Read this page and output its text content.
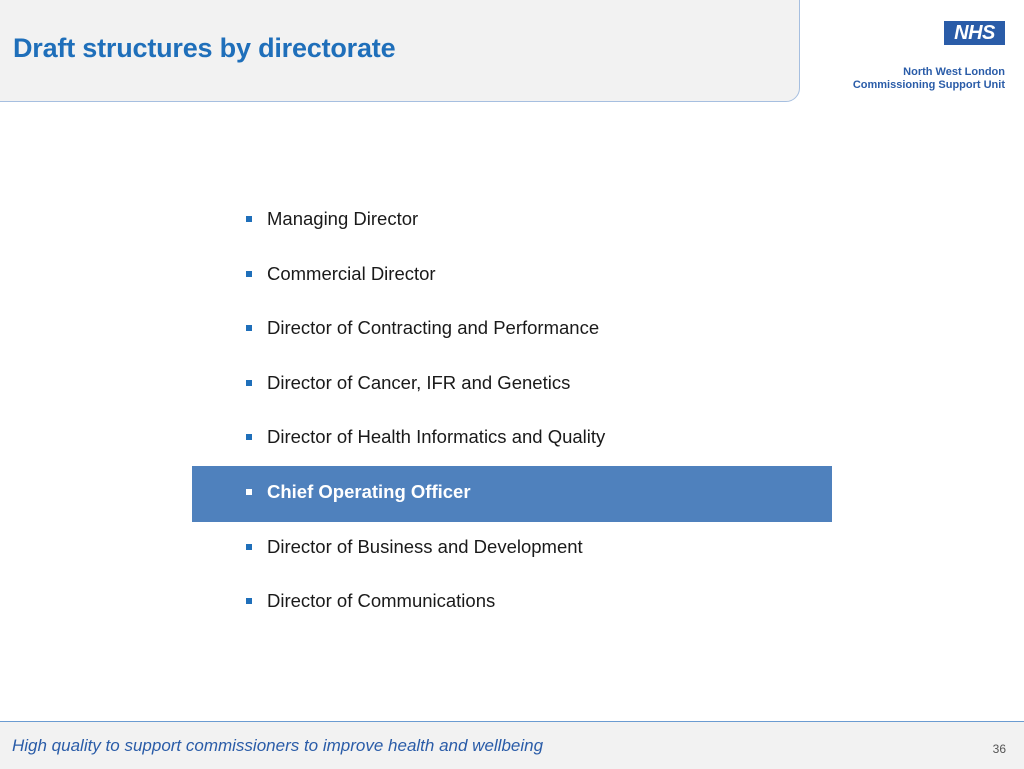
Draft structures by directorate	NHS
North West London
Commissioning Support Unit
Managing Director
Commercial Director
Director of Contracting and Performance
Director of Cancer, IFR and Genetics
Director of Health Informatics and Quality
Chief Operating Officer
Director of Business and Development
Director of Communications
High quality to support commissioners to improve health and wellbeing	36
